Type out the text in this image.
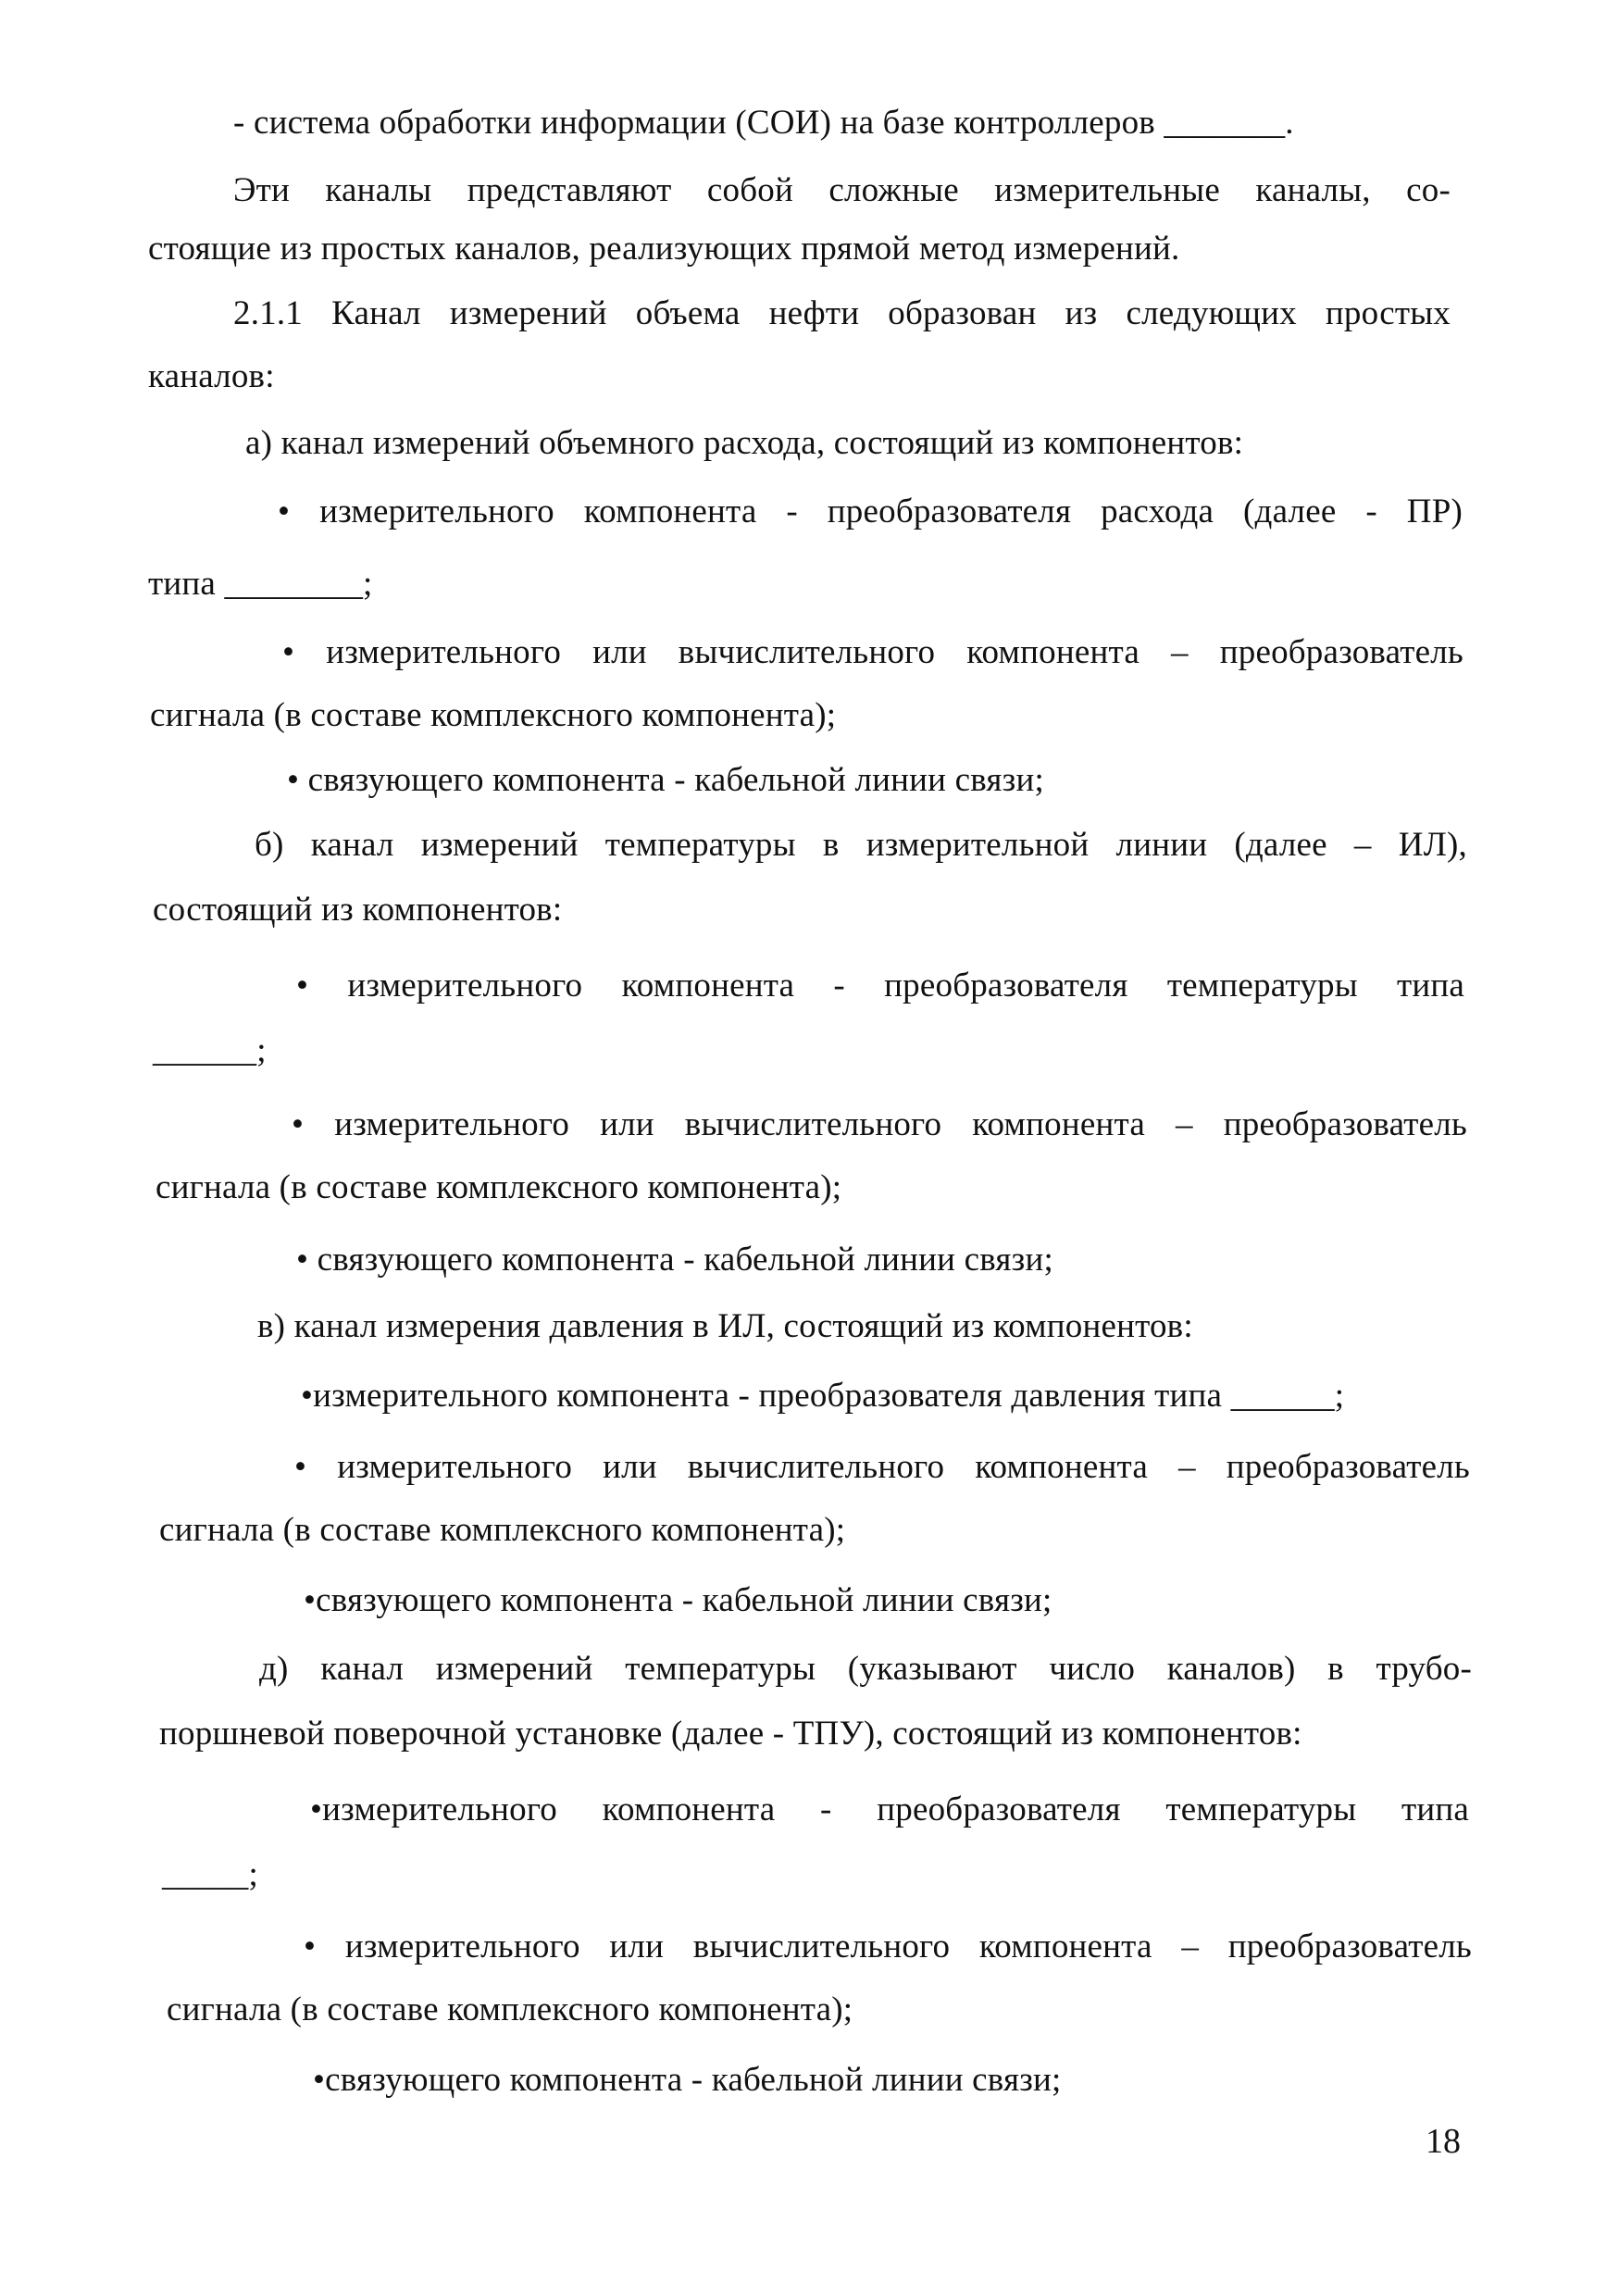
- система обработки информации (СОИ) на базе контроллеров _______.
Эти каналы представляют собой сложные измерительные каналы, со-
стоящие из простых каналов, реализующих прямой метод измерений.
2.1.1 Канал измерений объема нефти образован из следующих простых
каналов:
а) канал измерений объемного расхода, состоящий из компонентов:
• измерительного компонента - преобразователя расхода (далее - ПР)
типа ________;
• измерительного или вычислительного компонента – преобразователь
сигнала (в составе комплексного компонента);
• связующего компонента - кабельной линии связи;
б) канал измерений температуры в измерительной линии (далее – ИЛ),
состоящий из компонентов:
• измерительного компонента - преобразователя температуры типа
______;
• измерительного или вычислительного компонента – преобразователь
сигнала (в составе комплексного компонента);
• связующего компонента - кабельной линии связи;
в) канал измерения давления в ИЛ, состоящий из компонентов:
•измерительного компонента - преобразователя давления типа ______;
• измерительного или вычислительного компонента – преобразователь
сигнала (в составе комплексного компонента);
•связующего компонента - кабельной линии связи;
д) канал измерений температуры (указывают число каналов) в трубо-
поршневой поверочной установке (далее - ТПУ), состоящий из компонентов:
•измерительного компонента - преобразователя температуры типа
_____;
• измерительного или вычислительного компонента – преобразователь
сигнала (в составе комплексного компонента);
•связующего компонента - кабельной линии связи;
18
